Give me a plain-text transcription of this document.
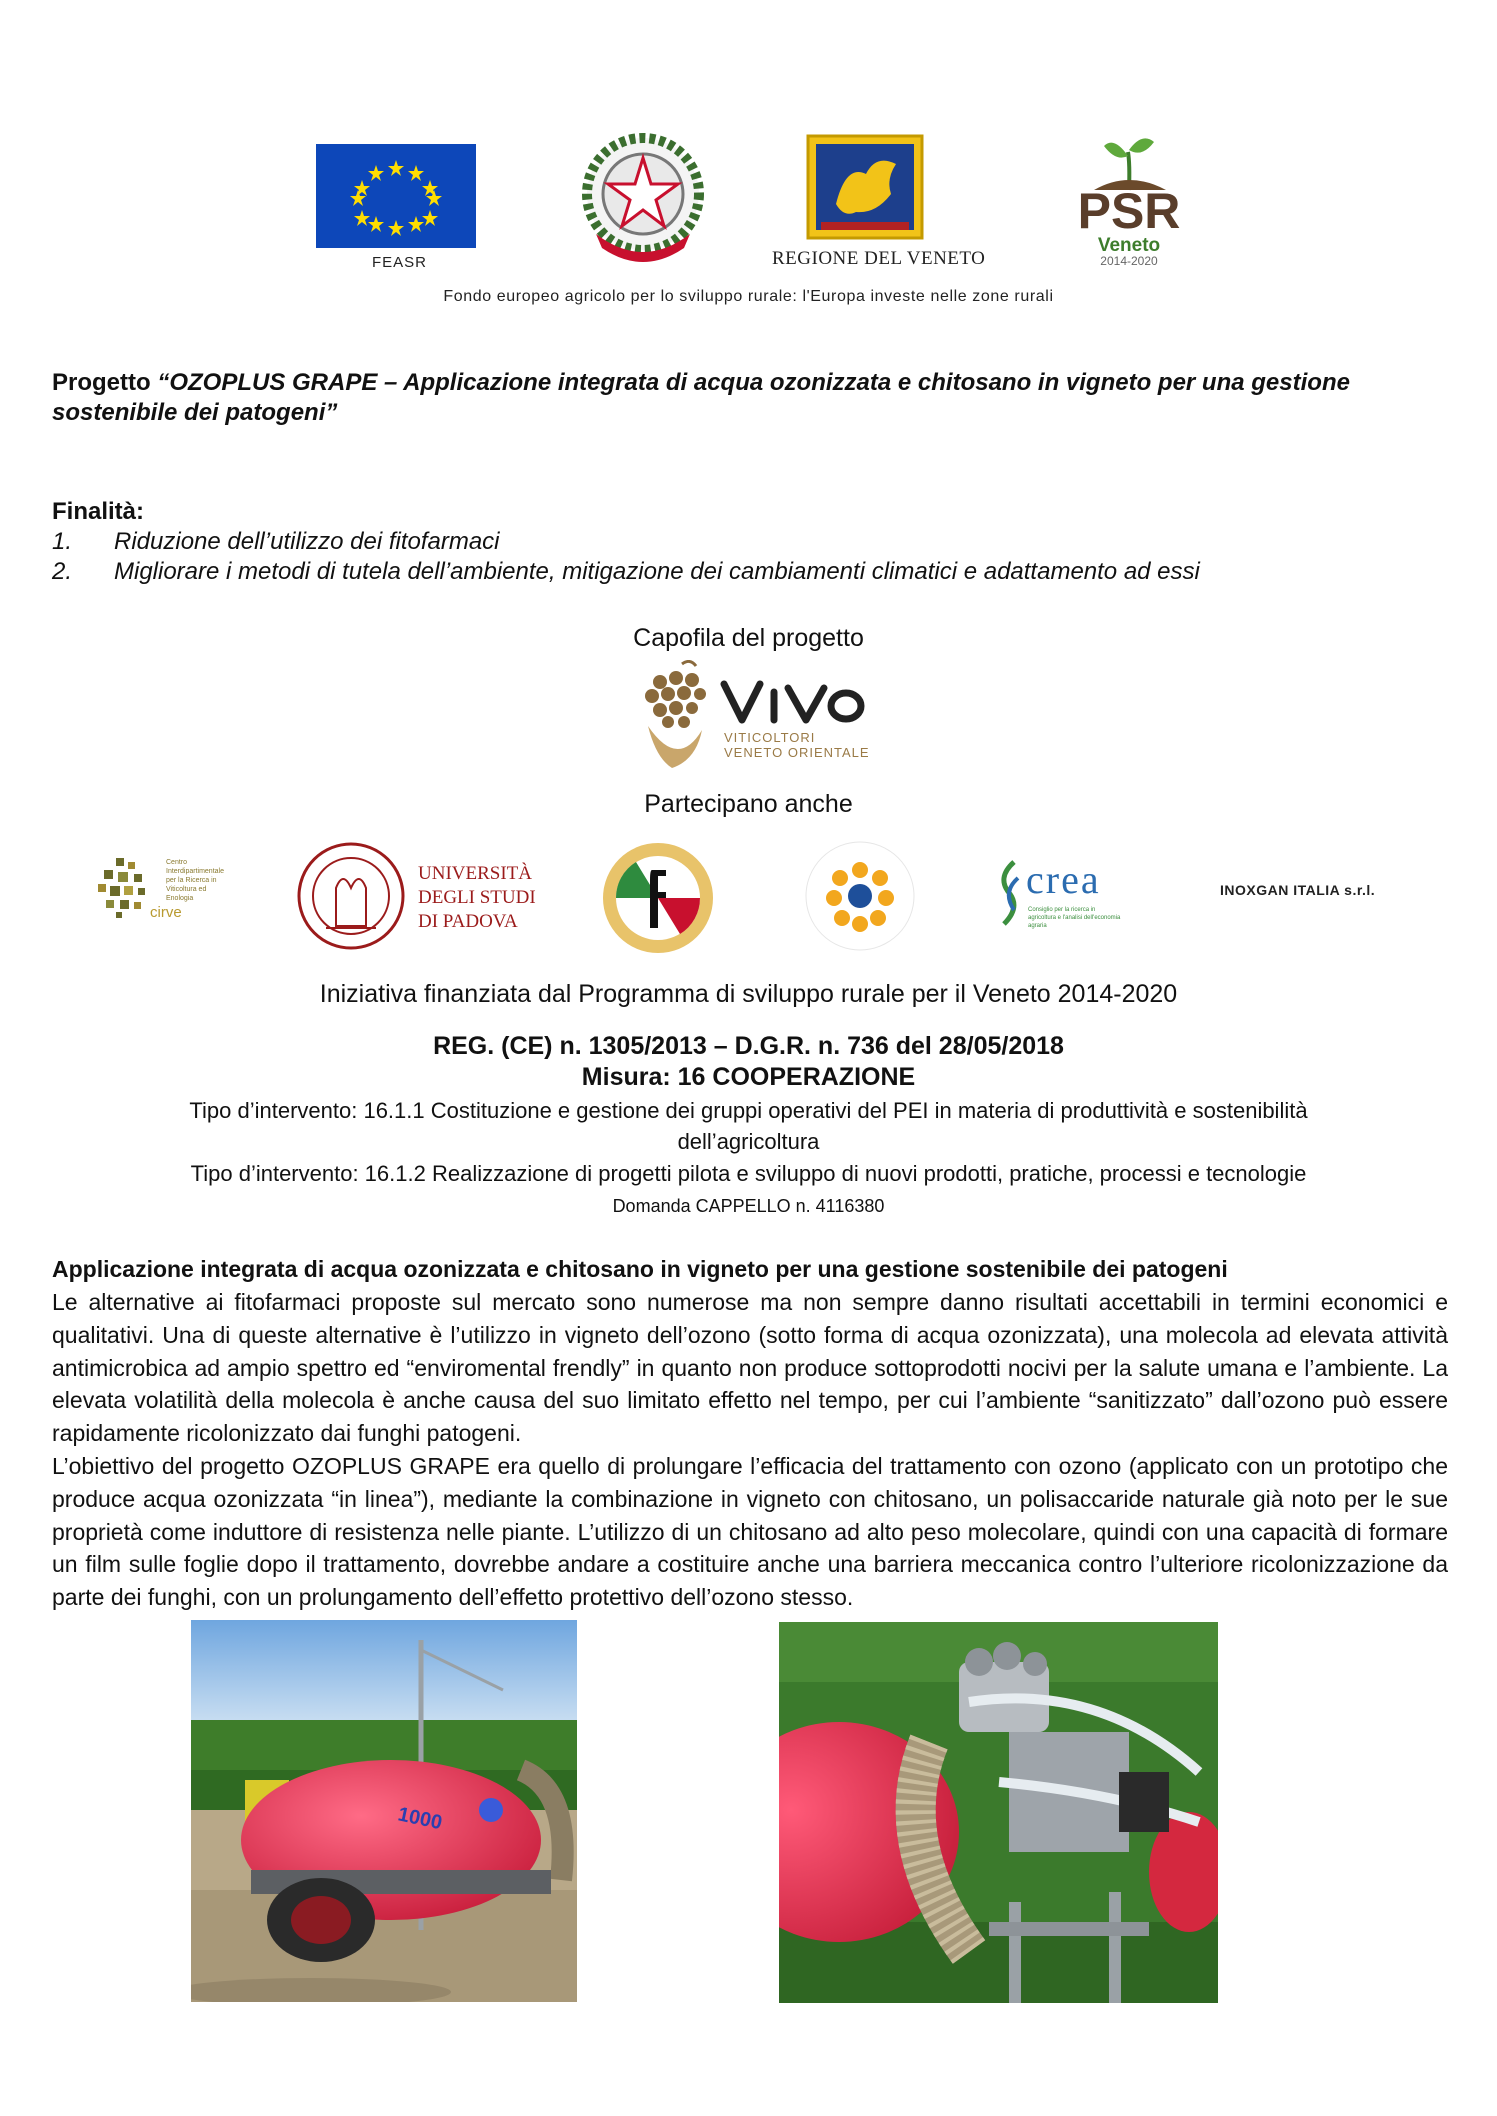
FEASR	REGIONE DEL VENETO
PSR
Veneto
2014-2020
Fondo europeo agricolo per lo sviluppo rurale: l'Europa investe nelle zone rurali
Progetto “OZOPLUS GRAPE – Applicazione integrata di acqua ozonizzata e chitosano in vigneto per una gestione sostenibile dei patogeni”
Finalità:
1. Riduzione dell’utilizzo dei fitofarmaci
2. Migliorare i metodi di tutela dell’ambiente, mitigazione dei cambiamenti climatici e adattamento ad essi
Capofila del progetto
VITICOLTORI
VENETO ORIENTALE
Partecipano anche
Centro Interdipartimentale per la Ricerca in Viticoltura ed Enologia
cirve
UNIVERSITÀ
DEGLI STUDI
DI PADOVA
crea
Consiglio per la ricerca in agricoltura e l'analisi dell'economia agraria
INOXGAN ITALIA s.r.l.
Iniziativa finanziata dal Programma di sviluppo rurale per il Veneto 2014-2020
REG. (CE) n. 1305/2013 – D.G.R. n. 736 del 28/05/2018
Misura: 16 COOPERAZIONE
Tipo d’intervento: 16.1.1 Costituzione e gestione dei gruppi operativi del PEI in materia di produttività e sostenibilità
dell’agricoltura
Tipo d’intervento: 16.1.2 Realizzazione di progetti pilota e sviluppo di nuovi prodotti, pratiche, processi e tecnologie
Domanda CAPPELLO n. 4116380
Applicazione integrata di acqua ozonizzata e chitosano in vigneto per una gestione sostenibile dei patogeni

Le alternative ai fitofarmaci proposte sul mercato sono numerose ma non sempre danno risultati accettabili in termini economici e qualitativi. Una di queste alternative è l’utilizzo in vigneto dell’ozono (sotto forma di acqua ozonizzata), una molecola ad elevata attività antimicrobica ad ampio spettro ed “enviromental frendly” in quanto non produce sottoprodotti nocivi per la salute umana e l’ambiente. La elevata volatilità della molecola è anche causa del suo limitato effetto nel tempo, per cui l’ambiente “sanitizzato” dall’ozono può essere rapidamente ricolonizzato dai funghi patogeni.

L’obiettivo del progetto OZOPLUS GRAPE era quello di prolungare l’efficacia del trattamento con ozono (applicato con un prototipo che produce acqua ozonizzata “in linea”), mediante la combinazione in vigneto con chitosano, un polisaccaride naturale già noto per le sue proprietà come induttore di resistenza nelle piante. L’utilizzo di un chitosano ad alto peso molecolare, quindi con una capacità di formare un film sulle foglie dopo il trattamento, dovrebbe andare a costituire anche una barriera meccanica contro l’ulteriore ricolonizzazione da parte dei funghi, con un prolungamento dell’effetto protettivo dell’ozono stesso.

1000
